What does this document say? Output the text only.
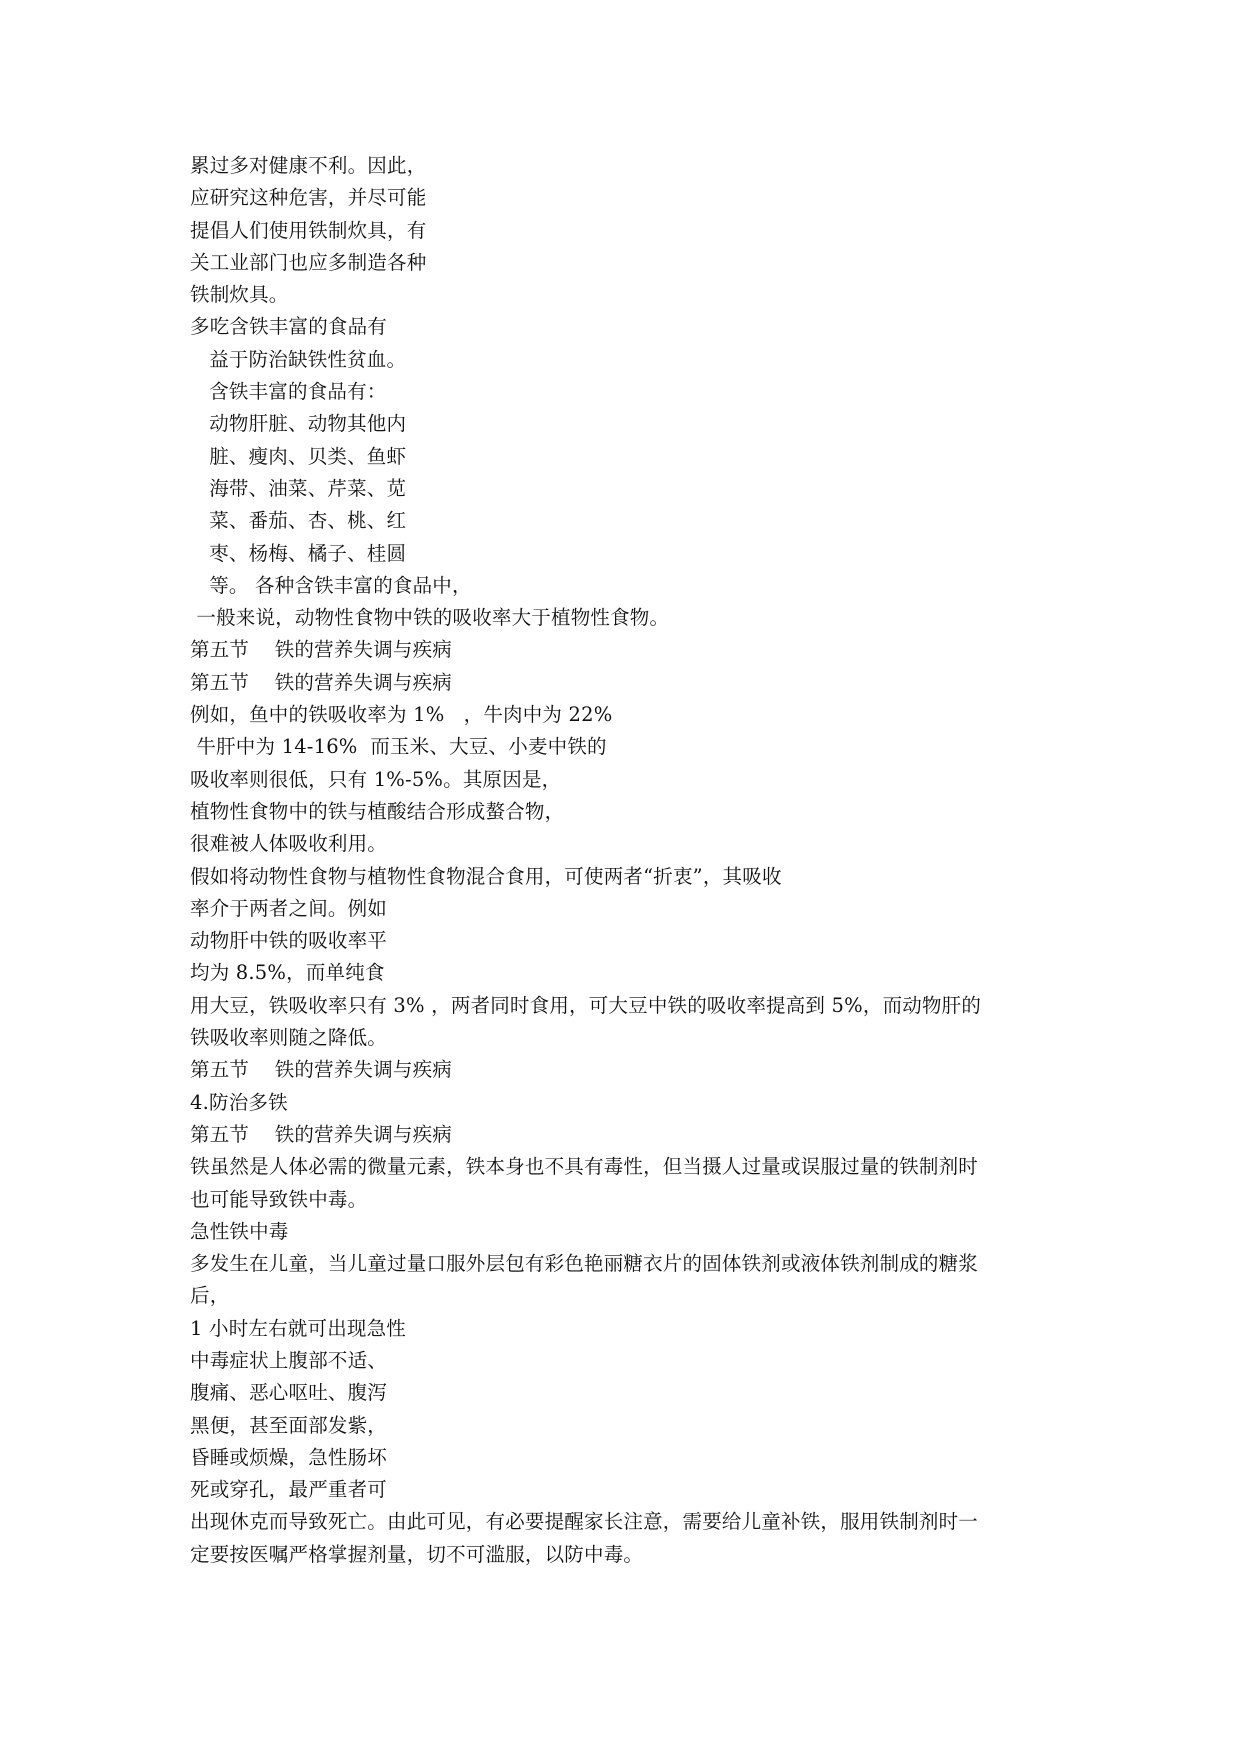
累过多对健康不利。因此，
应研究这种危害，并尽可能
提倡人们使用铁制炊具，有
关工业部门也应多制造各种
铁制炊具。
多吃含铁丰富的食品有
益于防治缺铁性贫血。
含铁丰富的食品有：
动物肝脏、动物其他内
脏、瘦肉、贝类、鱼虾
海带、油菜、芹菜、苋
菜、番茄、杏、桃、红
枣、杨梅、橘子、桂圆
等。 各种含铁丰富的食品中，
一般来说，动物性食物中铁的吸收率大于植物性食物。
第五节    铁的营养失调与疾病
第五节    铁的营养失调与疾病
例如，鱼中的铁吸收率为 1%   ，牛肉中为 22%
牛肝中为 14-16%  而玉米、大豆、小麦中铁的
吸收率则很低，只有 1%-5%。其原因是，
植物性食物中的铁与植酸结合形成螯合物，
很难被人体吸收利用。
假如将动物性食物与植物性食物混合食用，可使两者“折衷”，其吸收
率介于两者之间。例如
动物肝中铁的吸收率平
均为 8.5%，而单纯食
用大豆，铁吸收率只有 3% ，两者同时食用，可大豆中铁的吸收率提高到 5%，而动物肝的
铁吸收率则随之降低。
第五节    铁的营养失调与疾病
4.防治多铁
第五节    铁的营养失调与疾病
铁虽然是人体必需的微量元素，铁本身也不具有毒性，但当摄人过量或误服过量的铁制剂时
也可能导致铁中毒。
急性铁中毒
多发生在儿童，当儿童过量口服外层包有彩色艳丽糖衣片的固体铁剂或液体铁剂制成的糖浆
后，
1 小时左右就可出现急性
中毒症状上腹部不适、
腹痛、恶心呕吐、腹泻
黑便，甚至面部发紫，
昏睡或烦燥，急性肠坏
死或穿孔，最严重者可
出现休克而导致死亡。由此可见，有必要提醒家长注意，需要给儿童补铁，服用铁制剂时一
定要按医嘱严格掌握剂量，切不可滥服，以防中毒。
